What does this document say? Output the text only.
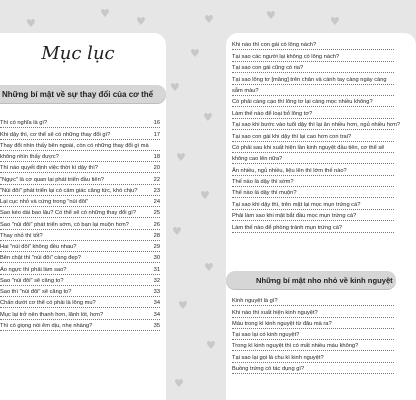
♥
♥
♥
♥
♥
♥
♥
♥
♥
♥
♥
♥
♥
♥
♥	♥
Mục lục
Những bí mật về sự thay đổi của cơ thể
Thì có nghĩa là gì?	16
Khi dậy thì, cơ thể sẽ có những thay đổi gì?	17
Thay đổi nhìn thấy bên ngoài, còn có những thay đổi gì mà
không nhìn thấy được?	18
Thì nào quyết định việc thời kì dậy thì?	20
"Ngực" là cơ quan lại phát triển đầu tiên?	22
"Núi đôi" phát triển lại có cảm giác căng tức, khó chịu?	23
Lại cục nhỏ và cứng trong "núi đôi"	24
Sao kéo dài bao lâu? Có thể sẽ có những thay đổi gì?	25
Sao "núi đôi" phát triển sớm, có bạn lại muộn hơn?	26
Thay nhỏ thì tốt?	28
Hai "núi đôi" không đều nhau?	29
Bên chật thì "núi đôi" càng đẹp?	30
Áo ngực thì phải làm sao?	31
Sao "núi đôi" sẽ căng to?	32
Sao thì "núi đôi" sẽ căng to?	33
Chấn dưới cơ thể có phải là lông mu?	34
Mục lại trở nên thanh hơn, lãnh lót, hơn?	34
Thì có giọng nói êm dịu, nhẹ nhàng?	35
Khi nào thì con gái có lông nách?
Tại sao các người lại không có lông nách?
Tại sao con gái cũng có ria?
Tại sao lông tơ [măng] trên chân và cánh tay càng ngày càng
sẫm màu?
Có phải càng cạo thì lông tơ lại càng mọc nhiều không?
Làm thế nào để loại bỏ lông tơ?
Tại sao khi bước vào tuổi dậy thì lại ăn nhiều hơn, ngủ nhiều hơn?
Tại sao con gái khi dậy thì lại cao hơn con trai?
Có phải sau khi xuất hiện lần kinh nguyệt đầu tiên, cơ thể sẽ
không cao lên nữa?
Ăn nhiều, ngủ nhiều, liệu lên thì lớm thế nào?
Thế nào là dậy thì sớm?
Thế nào là dậy thì muộn?
Tại sao khi dậy thì, trên mặt lại mọc mụn trứng cá?
Phải làm sao khi mặt bắt đầu mọc mụn trứng cá?
Làm thế nào để phòng tránh mụn trứng cá?
Những bí mật nho nhỏ về kinh nguyệt
Kinh nguyệt là gì?
Khi nào thì xuất hiện kinh nguyệt?
Máu trong kì kinh nguyệt từ đâu mà ra?
Tại sao lại có kinh nguyệt?
Trong kì kinh nguyệt thì có mất nhiều máu không?
Tại sao lại gọi là chu kì kinh nguyệt?
Buồng trứng có tác dụng gì?
